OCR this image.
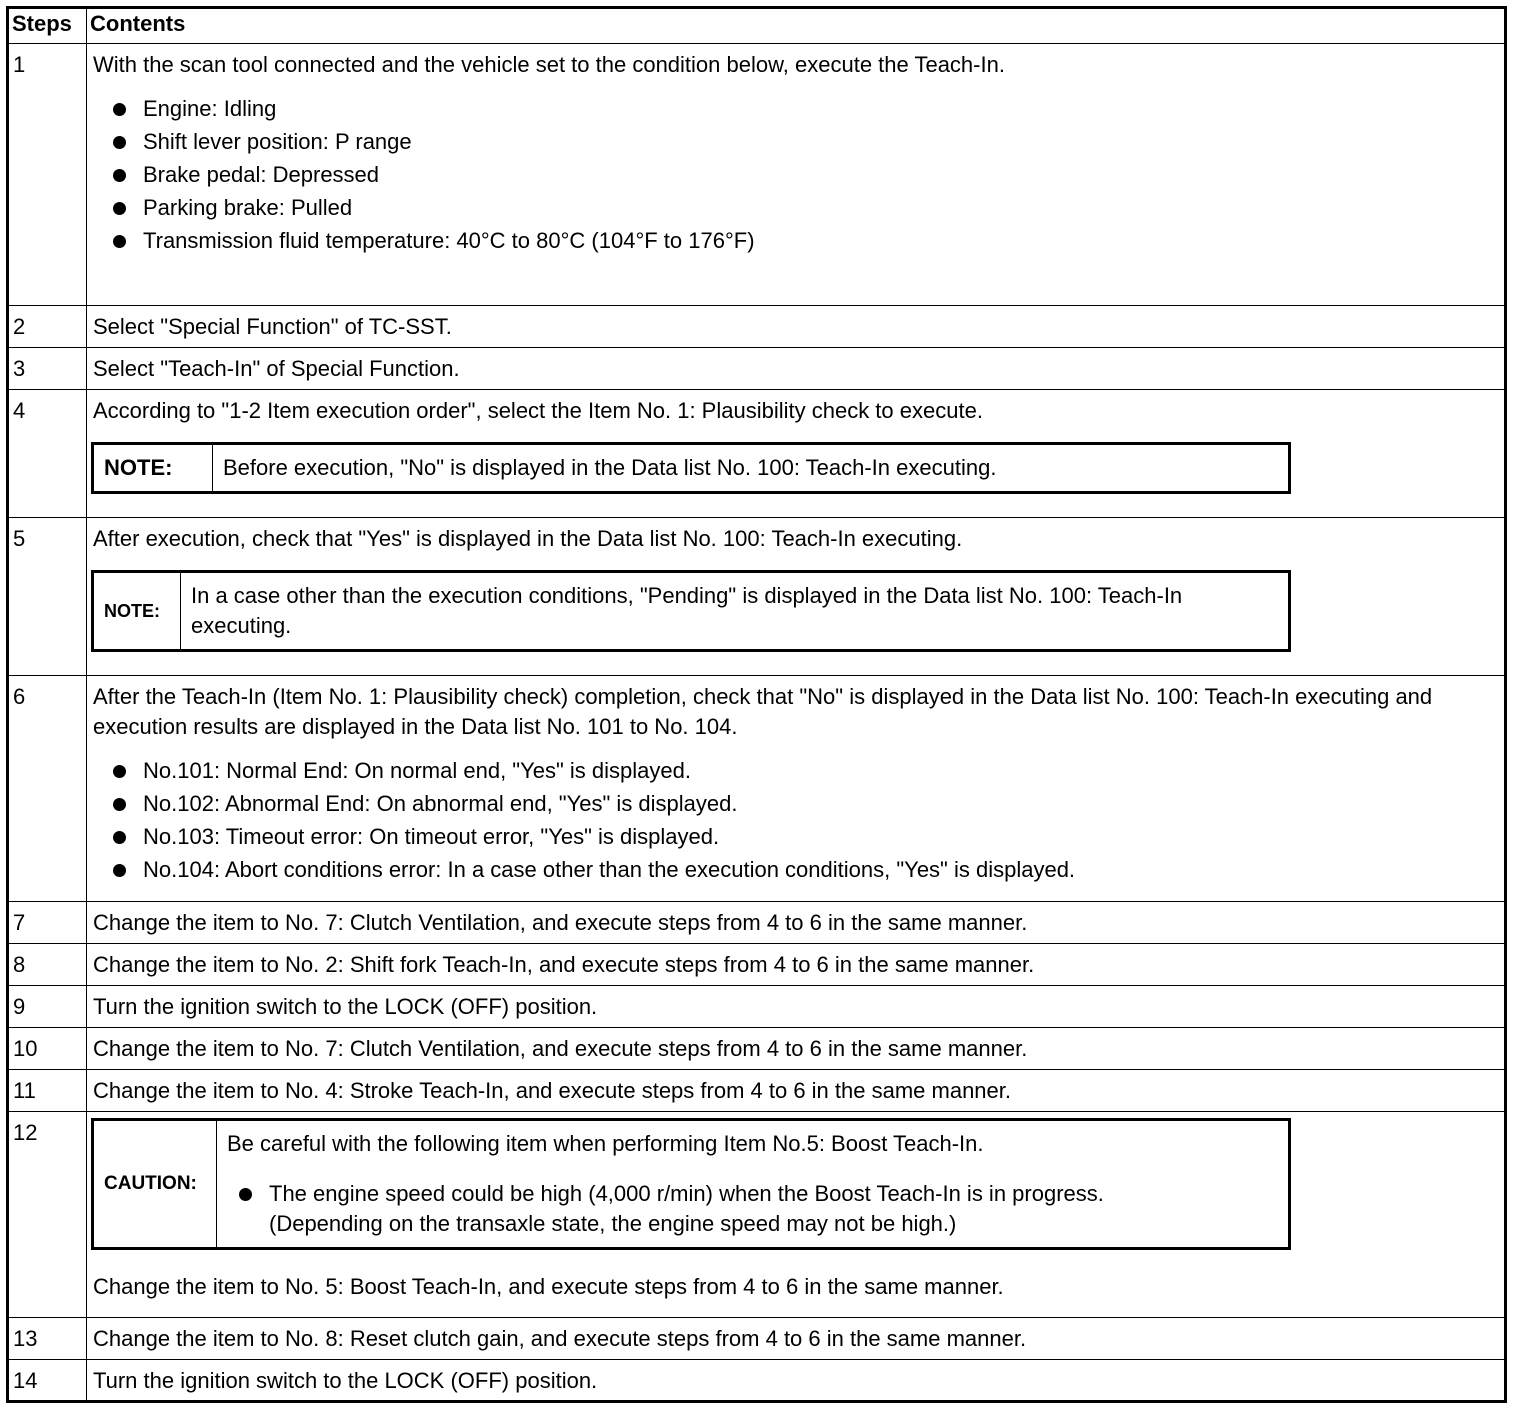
Steps	Contents
1	With the scan tool connected and the vehicle set to the condition below, execute the Teach-In.
Engine: Idling
Shift lever position: P range
Brake pedal: Depressed
Parking brake: Pulled
Transmission fluid temperature: 40°C to 80°C (104°F to 176°F)

2	Select "Special Function" of TC-SST.
3	Select "Teach-In" of Special Function.
4	According to "1-2 Item execution order", select the Item No. 1: Plausibility check to execute.
NOTE: Before execution, "No" is displayed in the Data list No. 100: Teach-In executing.

5	After execution, check that "Yes" is displayed in the Data list No. 100: Teach-In executing.
NOTE:
In a case other than the execution conditions, "Pending" is displayed in the Data list No. 100: Teach-In executing.

6	After the Teach-In (Item No. 1: Plausibility check) completion, check that "No" is displayed in the Data list No. 100: Teach-In executing and execution results are displayed in the Data list No. 101 to No. 104.
No.101: Normal End: On normal end, "Yes" is displayed.
No.102: Abnormal End: On abnormal end, "Yes" is displayed.
No.103: Timeout error: On timeout error, "Yes" is displayed.
No.104: Abort conditions error: In a case other than the execution conditions, "Yes" is displayed.

7	Change the item to No. 7: Clutch Ventilation, and execute steps from 4 to 6 in the same manner.
8	Change the item to No. 2: Shift fork Teach-In, and execute steps from 4 to 6 in the same manner.
9	Turn the ignition switch to the LOCK (OFF) position.
10	Change the item to No. 7: Clutch Ventilation, and execute steps from 4 to 6 in the same manner.
11	Change the item to No. 4: Stroke Teach-In, and execute steps from 4 to 6 in the same manner.
12	
CAUTION:
Be careful with the following item when performing Item No.5: Boost Teach-In.
The engine speed could be high (4,000 r/min) when the Boost Teach-In is in progress. (Depending on the transaxle state, the engine speed may not be high.)
Change the item to No. 5: Boost Teach-In, and execute steps from 4 to 6 in the same manner.

13	Change the item to No. 8: Reset clutch gain, and execute steps from 4 to 6 in the same manner.
14	Turn the ignition switch to the LOCK (OFF) position.
